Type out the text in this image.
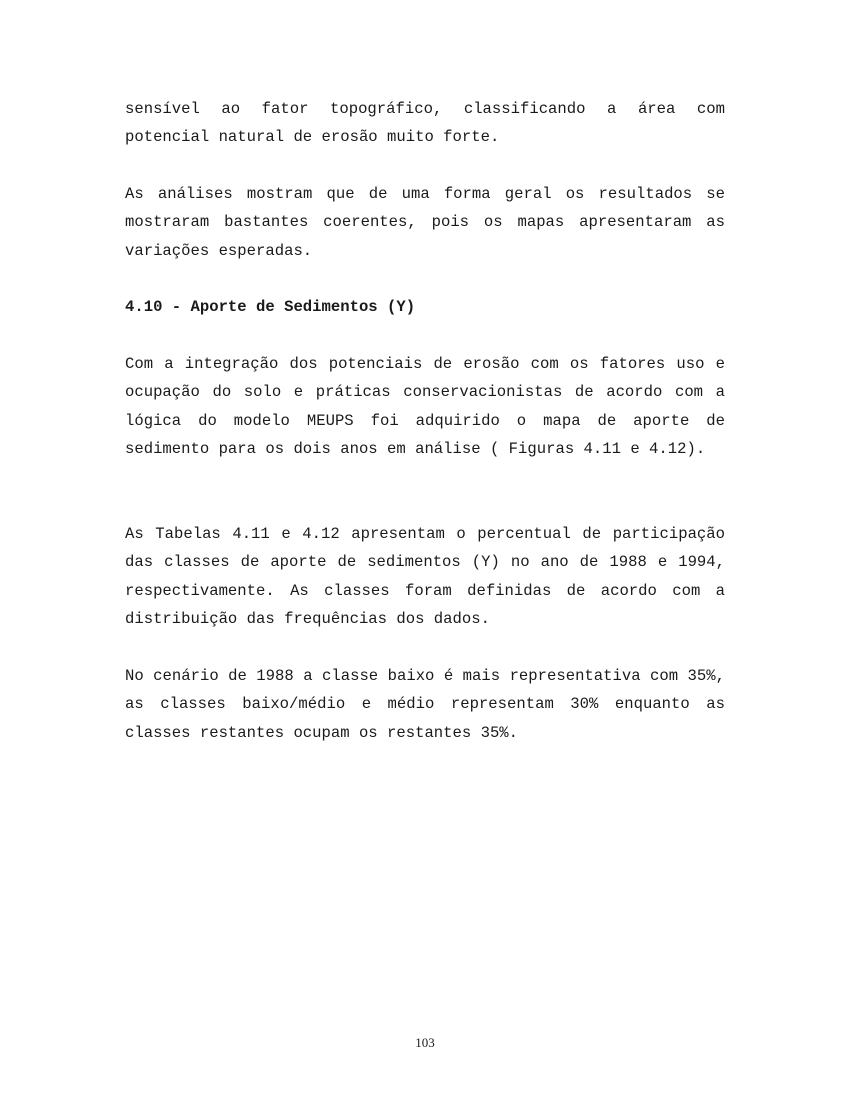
sensível ao fator topográfico, classificando a área com potencial natural de erosão muito forte.

As análises mostram que de uma forma geral os resultados se mostraram bastantes coerentes, pois os mapas apresentaram as variações esperadas.

4.10 - Aporte de Sedimentos (Y)

Com a integração dos potenciais de erosão com os fatores uso e ocupação do solo e práticas conservacionistas de acordo com a lógica do modelo MEUPS foi adquirido o mapa de aporte de sedimento para os dois anos em análise ( Figuras 4.11 e 4.12).

As Tabelas 4.11 e 4.12 apresentam o percentual de participação das classes de aporte de sedimentos (Y) no ano de 1988 e 1994, respectivamente. As classes foram definidas de acordo com a distribuição das frequências dos dados.

No cenário de 1988 a classe baixo é mais representativa com 35%, as classes baixo/médio e médio representam 30% enquanto as classes restantes ocupam os restantes 35%.

103
